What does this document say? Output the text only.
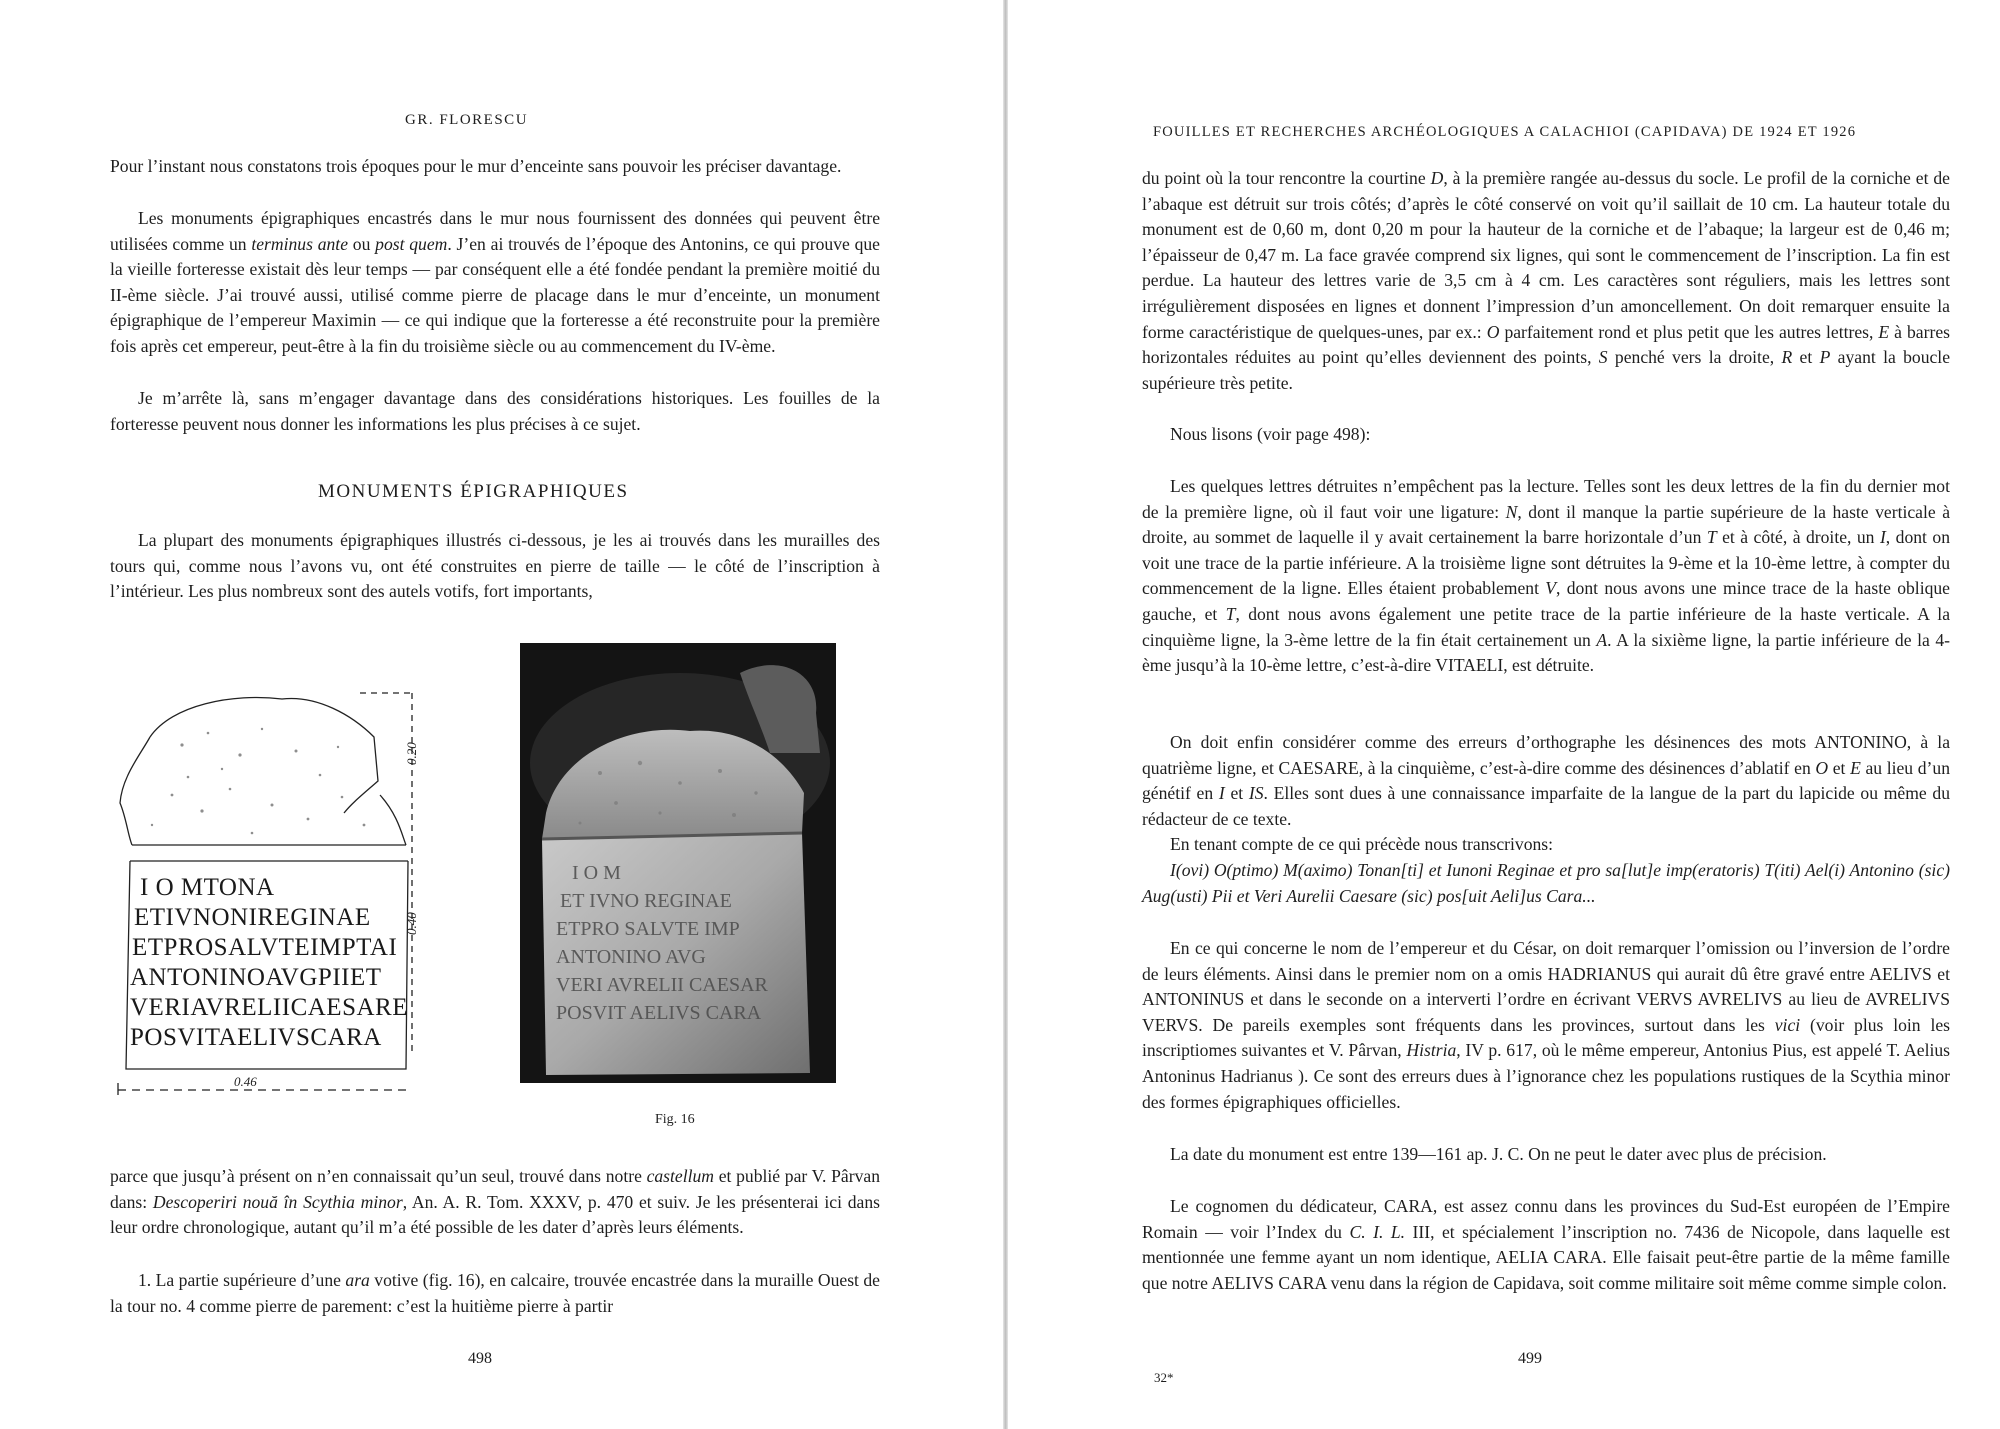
GR. FLORESCU

Pour l’instant nous constatons trois époques pour le mur d’enceinte sans pouvoir les préciser davantage.

Les monuments épigraphiques encastrés dans le mur nous fournissent des données qui peuvent être utilisées comme un terminus ante ou post quem. J’en ai trouvés de l’époque des Antonins, ce qui prouve que la vieille forteresse existait dès leur temps — par conséquent elle a été fondée pendant la première moitié du II-ème siècle. J’ai trouvé aussi, utilisé comme pierre de placage dans le mur d’enceinte, un monument épigraphique de l’empereur Maximin — ce qui indique que la forteresse a été reconstruite pour la première fois après cet empereur, peut-être à la fin du troisième siècle ou au commencement du IV-ème.

Je m’arrête là, sans m’engager davantage dans des considérations historiques. Les fouilles de la forteresse peuvent nous donner les informations les plus précises à ce sujet.

MONUMENTS ÉPIGRAPHIQUES

La plupart des monuments épigraphiques illustrés ci-dessous, je les ai trouvés dans les murailles des tours qui, comme nous l’avons vu, ont été construites en pierre de taille — le côté de l’inscription à l’intérieur. Les plus nombreux sont des autels votifs, fort importants,

I O MTONA
ETIVNONIREGINAE
ETPROSALVTEIMPTAI
ANTONINOAVGPIIET
VERIAVRELIICAESARE
POSVITAELIVSCARA
0.46
0.20
0.40
I O M
ET IVNO REGINAE
ETPRO SALVTE IMP
ANTONINO AVG
VERI AVRELII CAESAR
POSVIT AELIVS CARA

Fig. 16

parce que jusqu’à présent on n’en connaissait qu’un seul, trouvé dans notre castellum et publié par V. Pârvan dans: Descoperiri nouă în Scythia minor, An. A. R. Tom. XXXV, p. 470 et suiv. Je les présenterai ici dans leur ordre chronologique, autant qu’il m’a été possible de les dater d’après leurs éléments.

1. La partie supérieure d’une ara votive (fig. 16), en calcaire, trouvée encastrée dans la muraille Ouest de la tour no. 4 comme pierre de parement: c’est la huitième pierre à partir

498

FOUILLES ET RECHERCHES ARCHÉOLOGIQUES A CALACHIOI (CAPIDAVA) DE 1924 ET 1926

du point où la tour rencontre la courtine D, à la première rangée au-dessus du socle. Le profil de la corniche et de l’abaque est détruit sur trois côtés; d’après le côté conservé on voit qu’il saillait de 10 cm. La hauteur totale du monument est de 0,60 m, dont 0,20 m pour la hauteur de la corniche et de l’abaque; la largeur est de 0,46 m; l’épaisseur de 0,47 m. La face gravée comprend six lignes, qui sont le commencement de l’inscription. La fin est perdue. La hauteur des lettres varie de 3,5 cm à 4 cm. Les caractères sont réguliers, mais les lettres sont irrégulièrement disposées en lignes et donnent l’impression d’un amoncellement. On doit remarquer ensuite la forme caractéristique de quelques-unes, par ex.: O parfaitement rond et plus petit que les autres lettres, E à barres horizontales réduites au point qu’elles deviennent des points, S penché vers la droite, R et P ayant la boucle supérieure très petite.

Nous lisons (voir page 498):

Les quelques lettres détruites n’empêchent pas la lecture. Telles sont les deux lettres de la fin du dernier mot de la première ligne, où il faut voir une ligature: N, dont il manque la partie supérieure de la haste verticale à droite, au sommet de laquelle il y avait certainement la barre horizontale d’un T et à côté, à droite, un I, dont on voit une trace de la partie inférieure. A la troisième ligne sont détruites la 9-ème et la 10-ème lettre, à compter du commencement de la ligne. Elles étaient probablement V, dont nous avons une mince trace de la haste oblique gauche, et T, dont nous avons également une petite trace de la partie inférieure de la haste verticale. A la cinquième ligne, la 3-ème lettre de la fin était certainement un A. A la sixième ligne, la partie inférieure de la 4-ème jusqu’à la 10-ème lettre, c’est-à-dire VITAELI, est détruite.

On doit enfin considérer comme des erreurs d’orthographe les désinences des mots ANTONINO, à la quatrième ligne, et CAESARE, à la cinquième, c’est-à-dire comme des désinences d’ablatif en O et E au lieu d’un génétif en I et IS. Elles sont dues à une connaissance imparfaite de la langue de la part du lapicide ou même du rédacteur de ce texte.

En tenant compte de ce qui précède nous transcrivons:

I(ovi) O(ptimo) M(aximo) Tonan[ti] et Iunoni Reginae et pro sa[lut]e imp(eratoris) T(iti) Ael(i) Antonino (sic) Aug(usti) Pii et Veri Aurelii Caesare (sic) pos[uit Aeli]us Cara...

En ce qui concerne le nom de l’empereur et du César, on doit remarquer l’omission ou l’inversion de l’ordre de leurs éléments. Ainsi dans le premier nom on a omis HADRIANUS qui aurait dû être gravé entre AELIVS et ANTONINUS et dans le seconde on a interverti l’ordre en écrivant VERVS AVRELIVS au lieu de AVRELIVS VERVS. De pareils exemples sont fréquents dans les provinces, surtout dans les vici (voir plus loin les inscriptiomes suivantes et V. Pârvan, Histria, IV p. 617, où le même empereur, Antonius Pius, est appelé T. Aelius Antoninus Hadrianus ). Ce sont des erreurs dues à l’ignorance chez les populations rustiques de la Scythia minor des formes épigraphiques officielles.

La date du monument est entre 139—161 ap. J. C. On ne peut le dater avec plus de précision.

Le cognomen du dédicateur, CARA, est assez connu dans les provinces du Sud-Est européen de l’Empire Romain — voir l’Index du C. I. L. III, et spécialement l’inscription no. 7436 de Nicopole, dans laquelle est mentionnée une femme ayant un nom identique, AELIA CARA. Elle faisait peut-être partie de la même famille que notre AELIVS CARA venu dans la région de Capidava, soit comme militaire soit même comme simple colon.

32*

499
